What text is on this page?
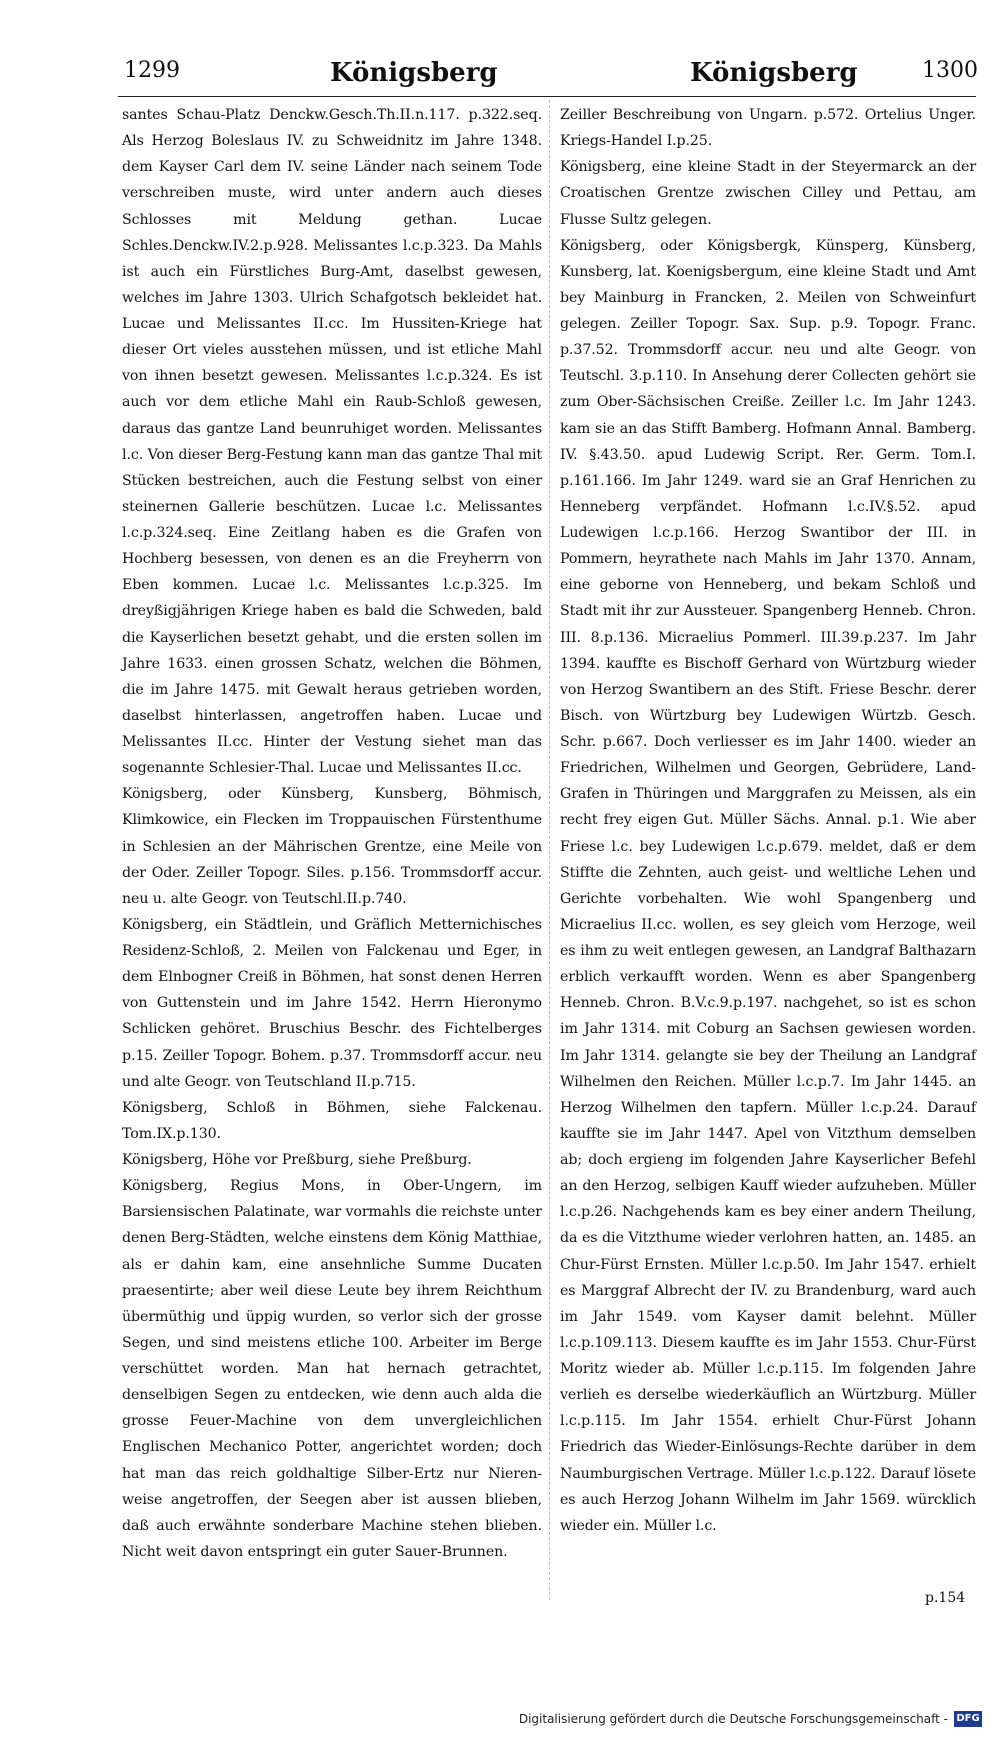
1299	Königsberg	Königsberg	1300

santes Schau-Platz Denckw.Gesch.Th.II.n.117. p.322.seq. Als Herzog Boleslaus IV. zu Schweidnitz im Jahre 1348. dem Kayser Carl dem IV. seine Länder nach seinem Tode verschreiben muste, wird unter andern auch dieses Schlosses mit Meldung gethan. Lucae Schles.Denckw.IV.2.p.928. Melissantes l.c.p.323. Da Mahls ist auch ein Fürstliches Burg-Amt, daselbst gewesen, welches im Jahre 1303. Ulrich Schafgotsch bekleidet hat. Lucae und Melissantes II.cc. Im Hussiten-Kriege hat dieser Ort vieles ausstehen müssen, und ist etliche Mahl von ihnen besetzt gewesen. Melissantes l.c.p.324. Es ist auch vor dem etliche Mahl ein Raub-Schloß gewesen, daraus das gantze Land beunruhiget worden. Melissantes l.c. Von dieser Berg-Festung kann man das gantze Thal mit Stücken bestreichen, auch die Festung selbst von einer steinernen Gallerie beschützen. Lucae l.c. Melissantes l.c.p.324.seq. Eine Zeitlang haben es die Grafen von Hochberg besessen, von denen es an die Freyherrn von Eben kommen. Lucae l.c. Melissantes l.c.p.325. Im dreyßigjährigen Kriege haben es bald die Schweden, bald die Kayserlichen besetzt gehabt, und die ersten sollen im Jahre 1633. einen grossen Schatz, welchen die Böhmen, die im Jahre 1475. mit Gewalt heraus getrieben worden, daselbst hinterlassen, angetroffen haben. Lucae und Melissantes II.cc. Hinter der Vestung siehet man das sogenannte Schlesier-Thal. Lucae und Melissantes II.cc.

Königsberg, oder Künsberg, Kunsberg, Böhmisch, Klimkowice, ein Flecken im Troppauischen Fürstenthume in Schlesien an der Mährischen Grentze, eine Meile von der Oder. Zeiller Topogr. Siles. p.156. Trommsdorff accur. neu u. alte Geogr. von Teutschl.II.p.740.

Königsberg, ein Städtlein, und Gräflich Metternichisches Residenz-Schloß, 2. Meilen von Falckenau und Eger, in dem Elnbogner Creiß in Böhmen, hat sonst denen Herren von Guttenstein und im Jahre 1542. Herrn Hieronymo Schlicken gehöret. Bruschius Beschr. des Fichtelberges p.15. Zeiller Topogr. Bohem. p.37. Trommsdorff accur. neu und alte Geogr. von Teutschland II.p.715.

Königsberg, Schloß in Böhmen, siehe Falckenau. Tom.IX.p.130.

Königsberg, Höhe vor Preßburg, siehe Preßburg.

Königsberg, Regius Mons, in Ober-Ungern, im Barsiensischen Palatinate, war vormahls die reichste unter denen Berg-Städten, welche einstens dem König Matthiae, als er dahin kam, eine ansehnliche Summe Ducaten praesentirte; aber weil diese Leute bey ihrem Reichthum übermüthig und üppig wurden, so verlor sich der grosse Segen, und sind meistens etliche 100. Arbeiter im Berge verschüttet worden. Man hat hernach getrachtet, denselbigen Segen zu entdecken, wie denn auch alda die grosse Feuer-Machine von dem unvergleichlichen Englischen Mechanico Potter, angerichtet worden; doch hat man das reich goldhaltige Silber-Ertz nur Nieren-weise angetroffen, der Seegen aber ist aussen blieben, daß auch erwähnte sonderbare Machine stehen blieben. Nicht weit davon entspringt ein guter Sauer-Brunnen.

Zeiller Beschreibung von Ungarn. p.572. Ortelius Unger. Kriegs-Handel I.p.25.

Königsberg, eine kleine Stadt in der Steyermarck an der Croatischen Grentze zwischen Cilley und Pettau, am Flusse Sultz gelegen.

Königsberg, oder Königsbergk, Künsperg, Künsberg, Kunsberg, lat. Koenigsbergum, eine kleine Stadt und Amt bey Mainburg in Francken, 2. Meilen von Schweinfurt gelegen. Zeiller Topogr. Sax. Sup. p.9. Topogr. Franc. p.37.52. Trommsdorff accur. neu und alte Geogr. von Teutschl. 3.p.110. In Ansehung derer Collecten gehört sie zum Ober-Sächsischen Creiße. Zeiller l.c. Im Jahr 1243. kam sie an das Stifft Bamberg. Hofmann Annal. Bamberg. IV. §.43.50. apud Ludewig Script. Rer. Germ. Tom.I. p.161.166. Im Jahr 1249. ward sie an Graf Henrichen zu Henneberg verpfändet. Hofmann l.c.IV.§.52. apud Ludewigen l.c.p.166. Herzog Swantibor der III. in Pommern, heyrathete nach Mahls im Jahr 1370. Annam, eine geborne von Henneberg, und bekam Schloß und Stadt mit ihr zur Aussteuer. Spangenberg Henneb. Chron. III. 8.p.136. Micraelius Pommerl. III.39.p.237. Im Jahr 1394. kauffte es Bischoff Gerhard von Würtzburg wieder von Herzog Swantibern an des Stift. Friese Beschr. derer Bisch. von Würtzburg bey Ludewigen Würtzb. Gesch. Schr. p.667. Doch verliesser es im Jahr 1400. wieder an Friedrichen, Wilhelmen und Georgen, Gebrüdere, Land-Grafen in Thüringen und Marggrafen zu Meissen, als ein recht frey eigen Gut. Müller Sächs. Annal. p.1. Wie aber Friese l.c. bey Ludewigen l.c.p.679. meldet, daß er dem Stiffte die Zehnten, auch geist- und weltliche Lehen und Gerichte vorbehalten. Wie wohl Spangenberg und Micraelius II.cc. wollen, es sey gleich vom Herzoge, weil es ihm zu weit entlegen gewesen, an Landgraf Balthazarn erblich verkaufft worden. Wenn es aber Spangenberg Henneb. Chron. B.V.c.9.p.197. nachgehet, so ist es schon im Jahr 1314. mit Coburg an Sachsen gewiesen worden. Im Jahr 1314. gelangte sie bey der Theilung an Landgraf Wilhelmen den Reichen. Müller l.c.p.7. Im Jahr 1445. an Herzog Wilhelmen den tapfern. Müller l.c.p.24. Darauf kauffte sie im Jahr 1447. Apel von Vitzthum demselben ab; doch ergieng im folgenden Jahre Kayserlicher Befehl an den Herzog, selbigen Kauff wieder aufzuheben. Müller l.c.p.26. Nachgehends kam es bey einer andern Theilung, da es die Vitzthume wieder verlohren hatten, an. 1485. an Chur-Fürst Ernsten. Müller l.c.p.50. Im Jahr 1547. erhielt es Marggraf Albrecht der IV. zu Brandenburg, ward auch im Jahr 1549. vom Kayser damit belehnt. Müller l.c.p.109.113. Diesem kauffte es im Jahr 1553. Chur-Fürst Moritz wieder ab. Müller l.c.p.115. Im folgenden Jahre verlieh es derselbe wiederkäuflich an Würtzburg. Müller l.c.p.115. Im Jahr 1554. erhielt Chur-Fürst Johann Friedrich das Wieder-Einlösungs-Rechte darüber in dem Naumburgischen Vertrage. Müller l.c.p.122. Darauf lösete es auch Herzog Johann Wilhelm im Jahr 1569. würcklich wieder ein. Müller l.c.

p.154
Digitalisierung gefördert durch die Deutsche Forschungsgemeinschaft - DFG
